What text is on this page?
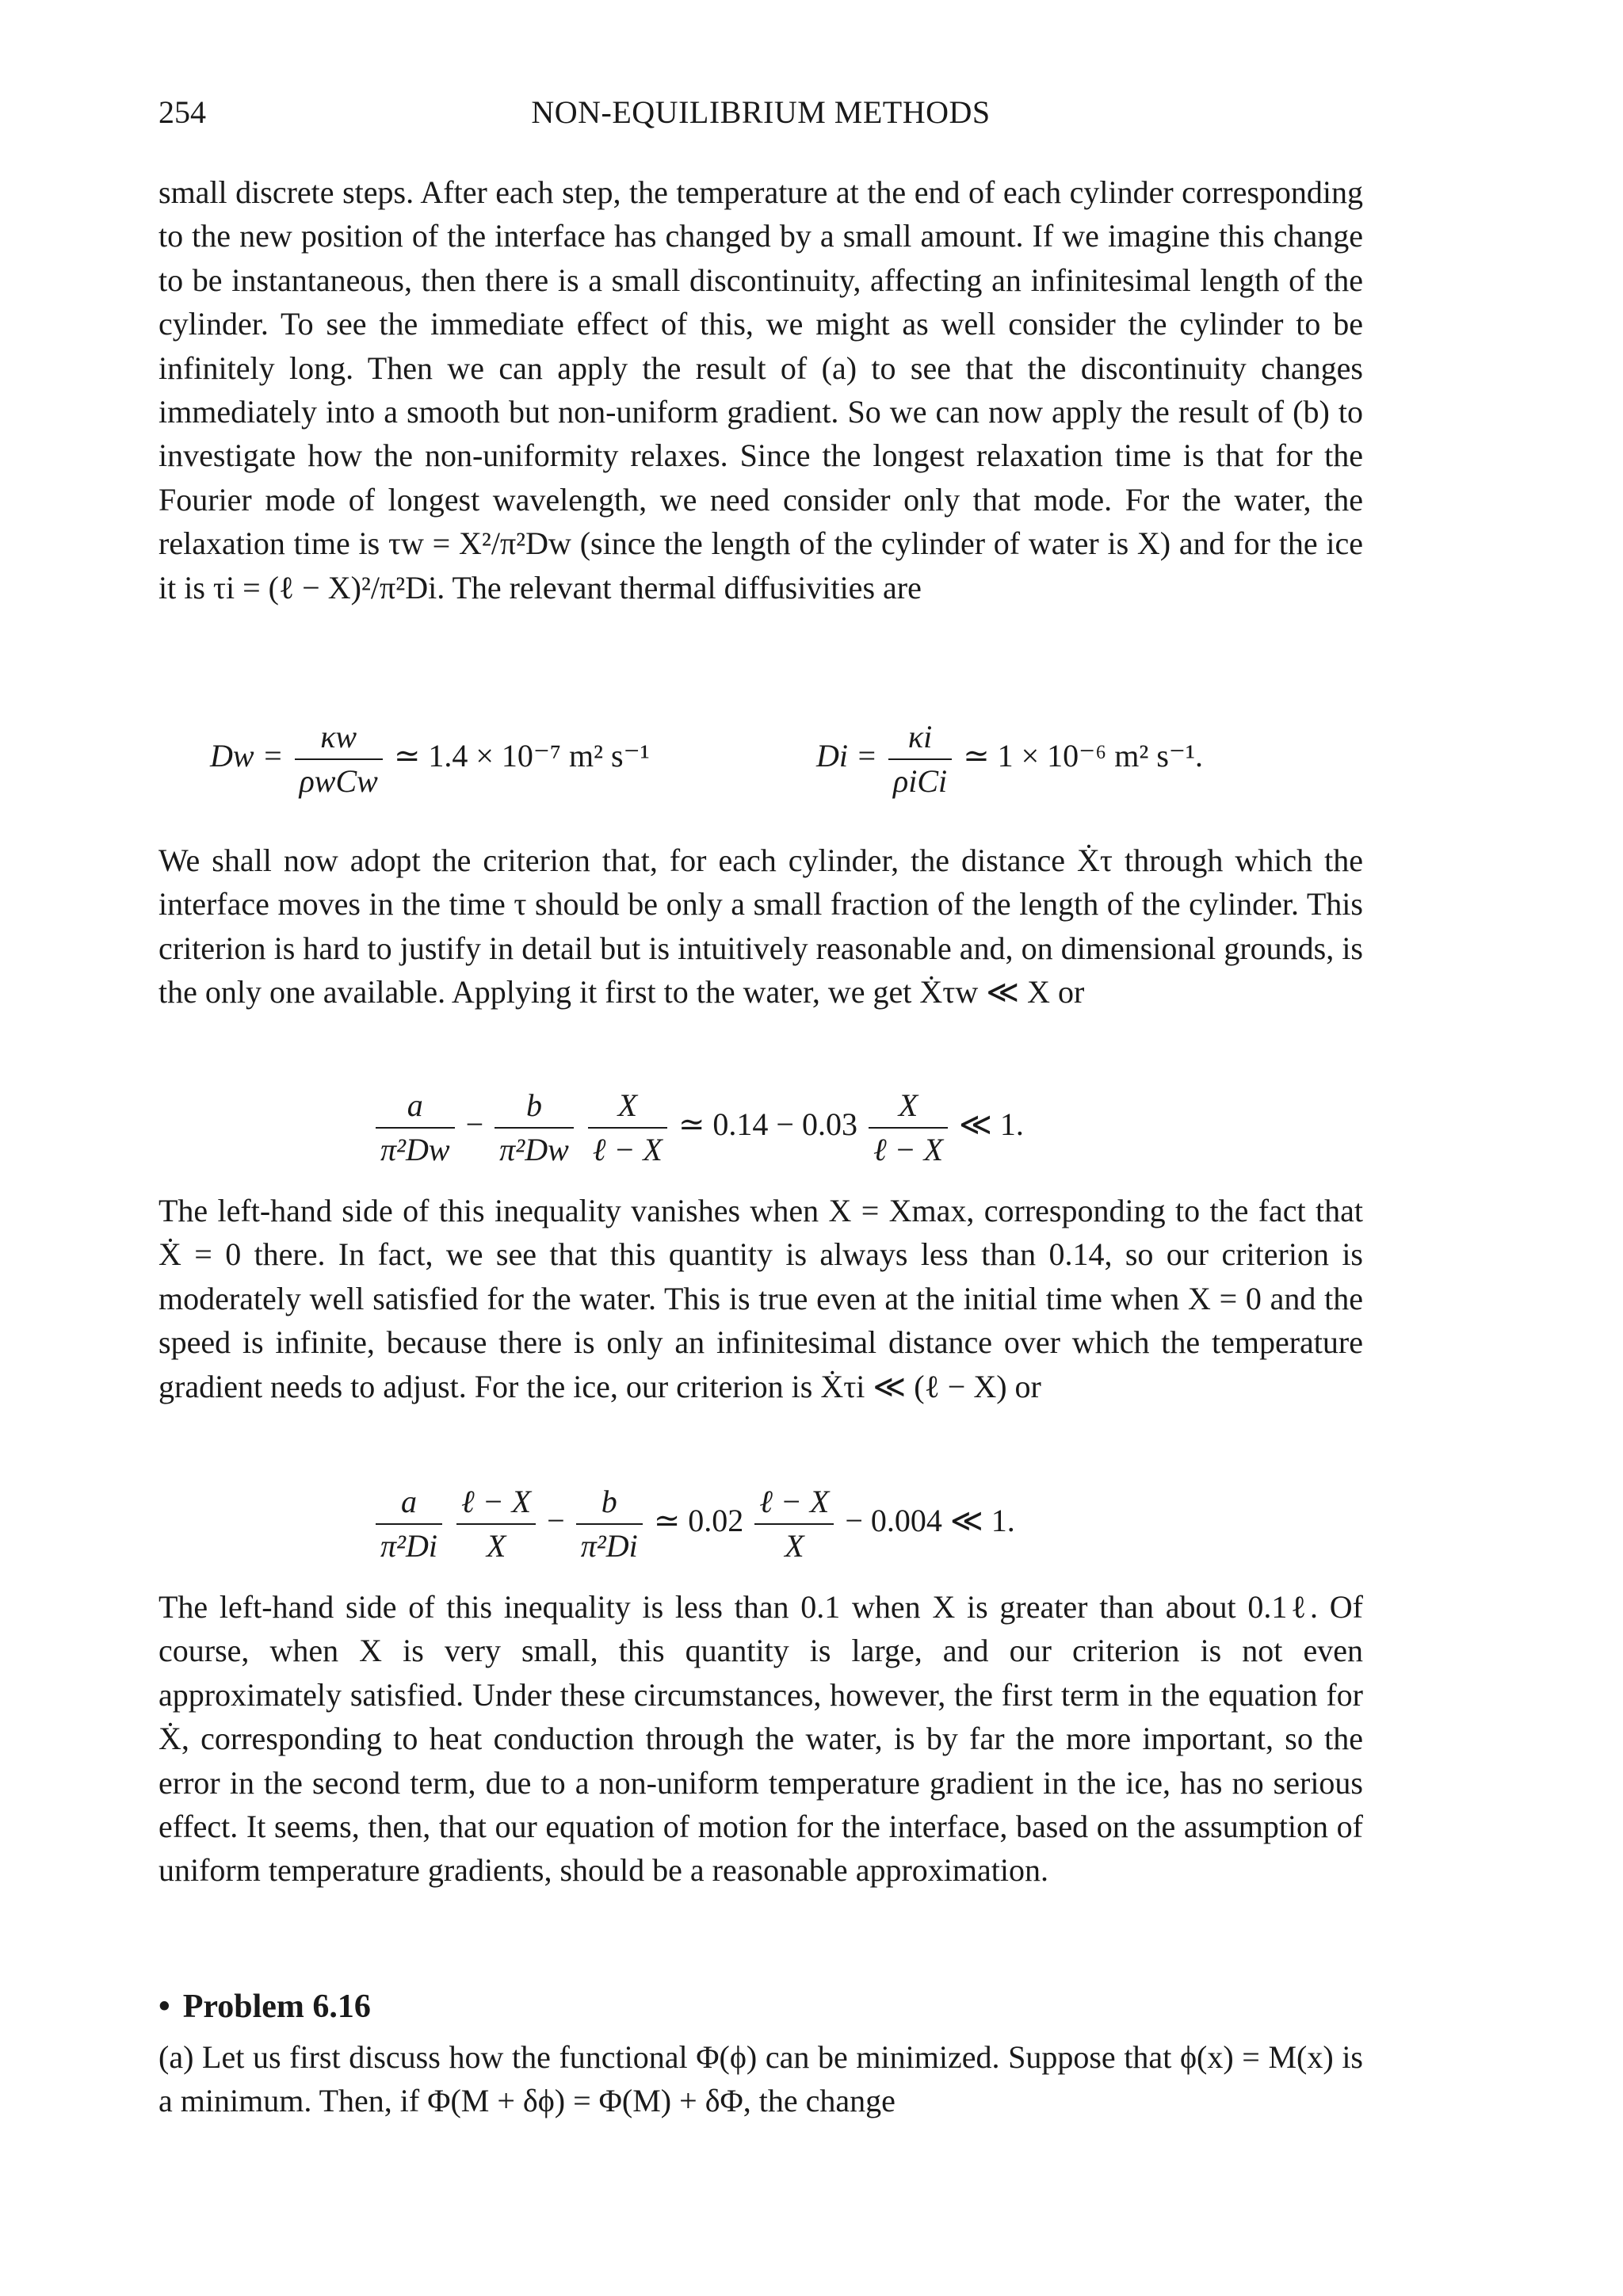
254	NON-EQUILIBRIUM METHODS

small discrete steps. After each step, the temperature at the end of each cylinder corresponding to the new position of the interface has changed by a small amount. If we imagine this change to be instantaneous, then there is a small discontinuity, affecting an infinitesimal length of the cylinder. To see the immediate effect of this, we might as well consider the cylinder to be infinitely long. Then we can apply the result of (a) to see that the discontinuity changes immediately into a smooth but non-uniform gradient. So we can now apply the result of (b) to investigate how the non-uniformity relaxes. Since the longest relaxation time is that for the Fourier mode of longest wavelength, we need consider only that mode. For the water, the relaxation time is τw = X²/π²Dw (since the length of the cylinder of water is X) and for the ice it is τi = (ℓ − X)²/π²Di. The relevant thermal diffusivities are

$Dw = \frac{\kappa w}{\text{ρwCw}}$ ≃ 1.4 × 10⁻⁷ m² s⁻¹	$Di = \frac{\kappa i}{\text{ρiCi}}$ ≃ 1 × 10⁻⁶ m² s⁻¹.

We shall now adopt the criterion that, for each cylinder, the distance Ẋτ through which the interface moves in the time τ should be only a small fraction of the length of the cylinder. This criterion is hard to justify in detail but is intuitively reasonable and, on dimensional grounds, is the only one available. Applying it first to the water, we get Ẋτw ≪ X or

$\frac{a}{\text{π²Dw}} - \frac{b}{\text{π²Dw}}$
$\frac{X}{\text{ℓ − X}}$ ≃ $0.14 - 0.03 \frac{X}{\text{ℓ − X}}$ ≪ 1.

The left-hand side of this inequality vanishes when X = Xmax, corresponding to the fact that Ẋ = 0 there. In fact, we see that this quantity is always less than 0.14, so our criterion is moderately well satisfied for the water. This is true even at the initial time when X = 0 and the speed is infinite, because there is only an infinitesimal distance over which the temperature gradient needs to adjust. For the ice, our criterion is Ẋτi ≪ (ℓ − X) or

$\frac{a}{\text{π²Di}}$
$\frac{\text{ℓ − X}}{X} - \frac{b}{\text{π²Di}}$ ≃ $0.02 \frac{\text{ℓ − X}}{X} - 0.004$ ≪ 1.

The left-hand side of this inequality is less than 0.1 when X is greater than about 0.1ℓ. Of course, when X is very small, this quantity is large, and our criterion is not even approximately satisfied. Under these circumstances, however, the first term in the equation for Ẋ, corresponding to heat conduction through the water, is by far the more important, so the error in the second term, due to a non-uniform temperature gradient in the ice, has no serious effect. It seems, then, that our equation of motion for the interface, based on the assumption of uniform temperature gradients, should be a reasonable approximation.

• Problem 6.16

(a) Let us first discuss how the functional Φ(ϕ) can be minimized. Suppose that ϕ(x) = M(x) is a minimum. Then, if Φ(M + δϕ) = Φ(M) + δΦ, the change
